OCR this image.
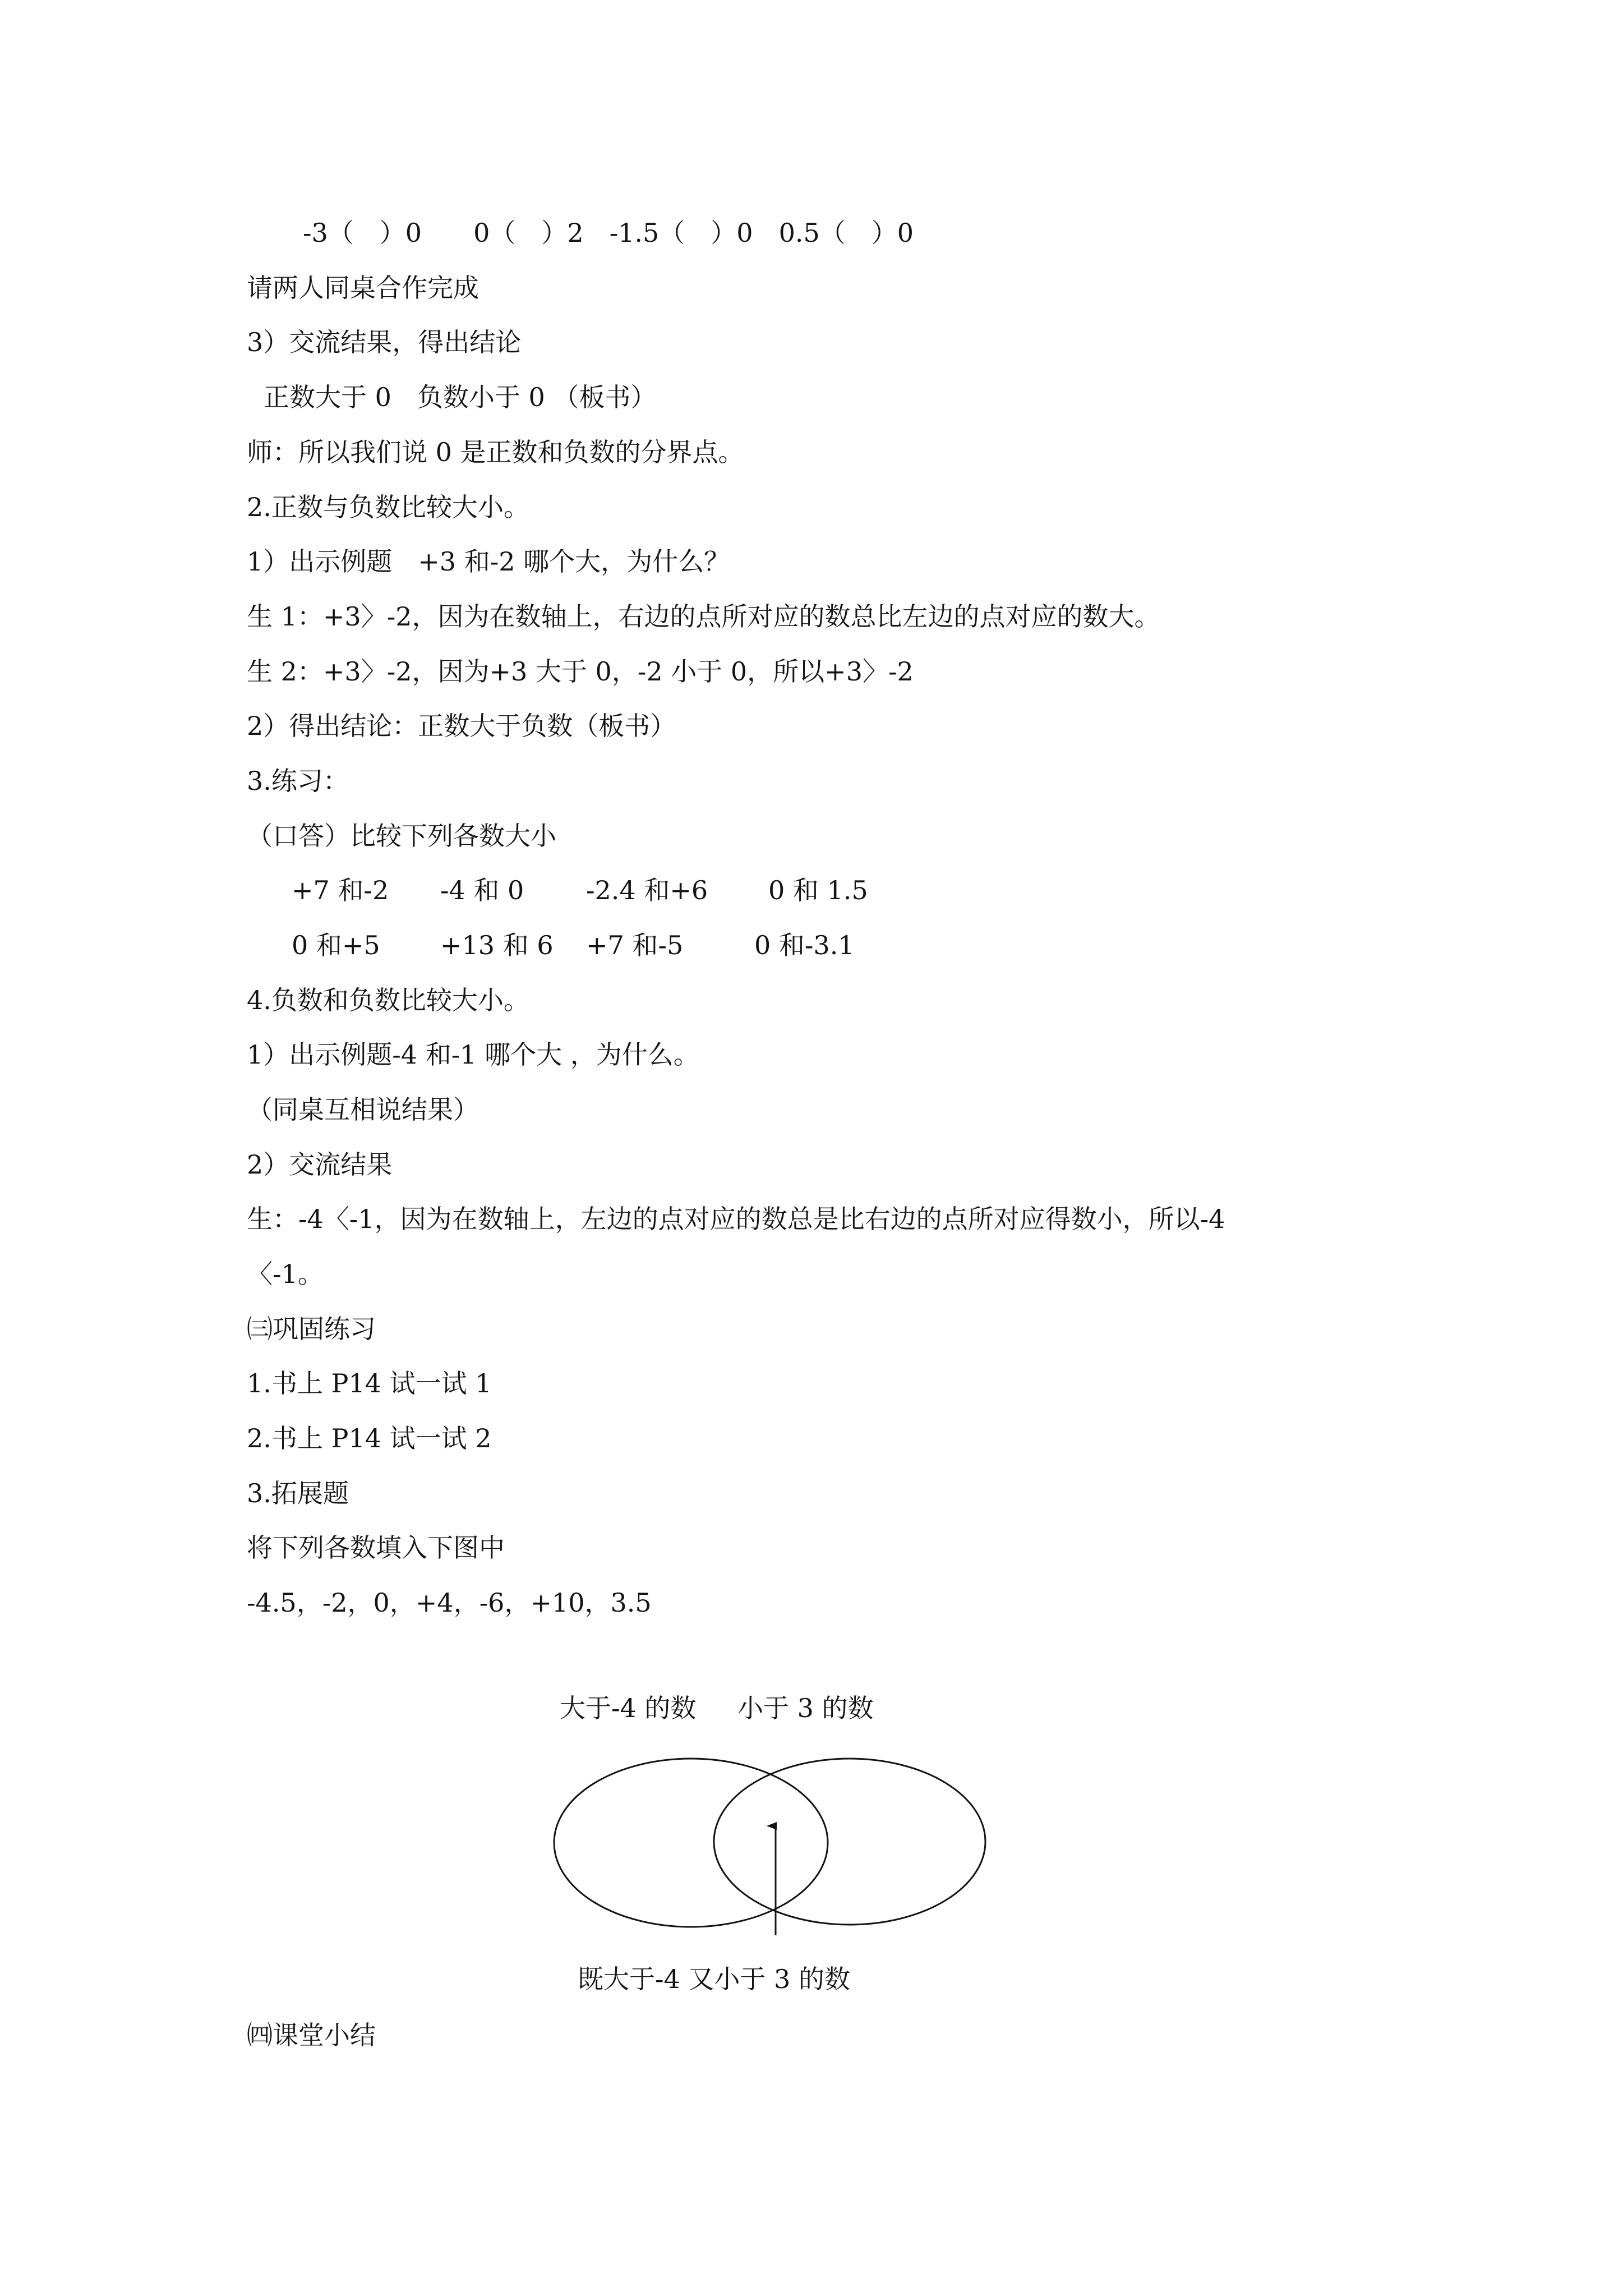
-3（　）0　　0（　）2　-1.5（　）0　0.5（　）0
请两人同桌合作完成
3）交流结果，得出结论
正数大于 0　负数小于 0 （板书）
师：所以我们说 0 是正数和负数的分界点。
2.正数与负数比较大小。
1）出示例题　+3 和-2 哪个大，为什么？
生 1：+3〉-2，因为在数轴上，右边的点所对应的数总比左边的点对应的数大。
生 2：+3〉-2，因为+3 大于 0，-2 小于 0，所以+3〉-2
2）得出结论：正数大于负数（板书）
3.练习：
（口答）比较下列各数大小
+7 和-2 -4 和 0 -2.4 和+6 0 和 1.5
0 和+5 +13 和 6 +7 和-5	0 和-3.1
4.负数和负数比较大小。
1）出示例题-4 和-1 哪个大 ，为什么。
（同桌互相说结果）
2）交流结果
生：-4〈-1，因为在数轴上，左边的点对应的数总是比右边的点所对应得数小，所以-4
〈-1。
㈢巩固练习
1.书上 P14 试一试 1
2.书上 P14 试一试 2
3.拓展题
将下列各数填入下图中
-4.5，-2，0，+4，-6，+10，3.5
大于-4 的数 小于 3 的数
既大于-4 又小于 3 的数
㈣课堂小结
